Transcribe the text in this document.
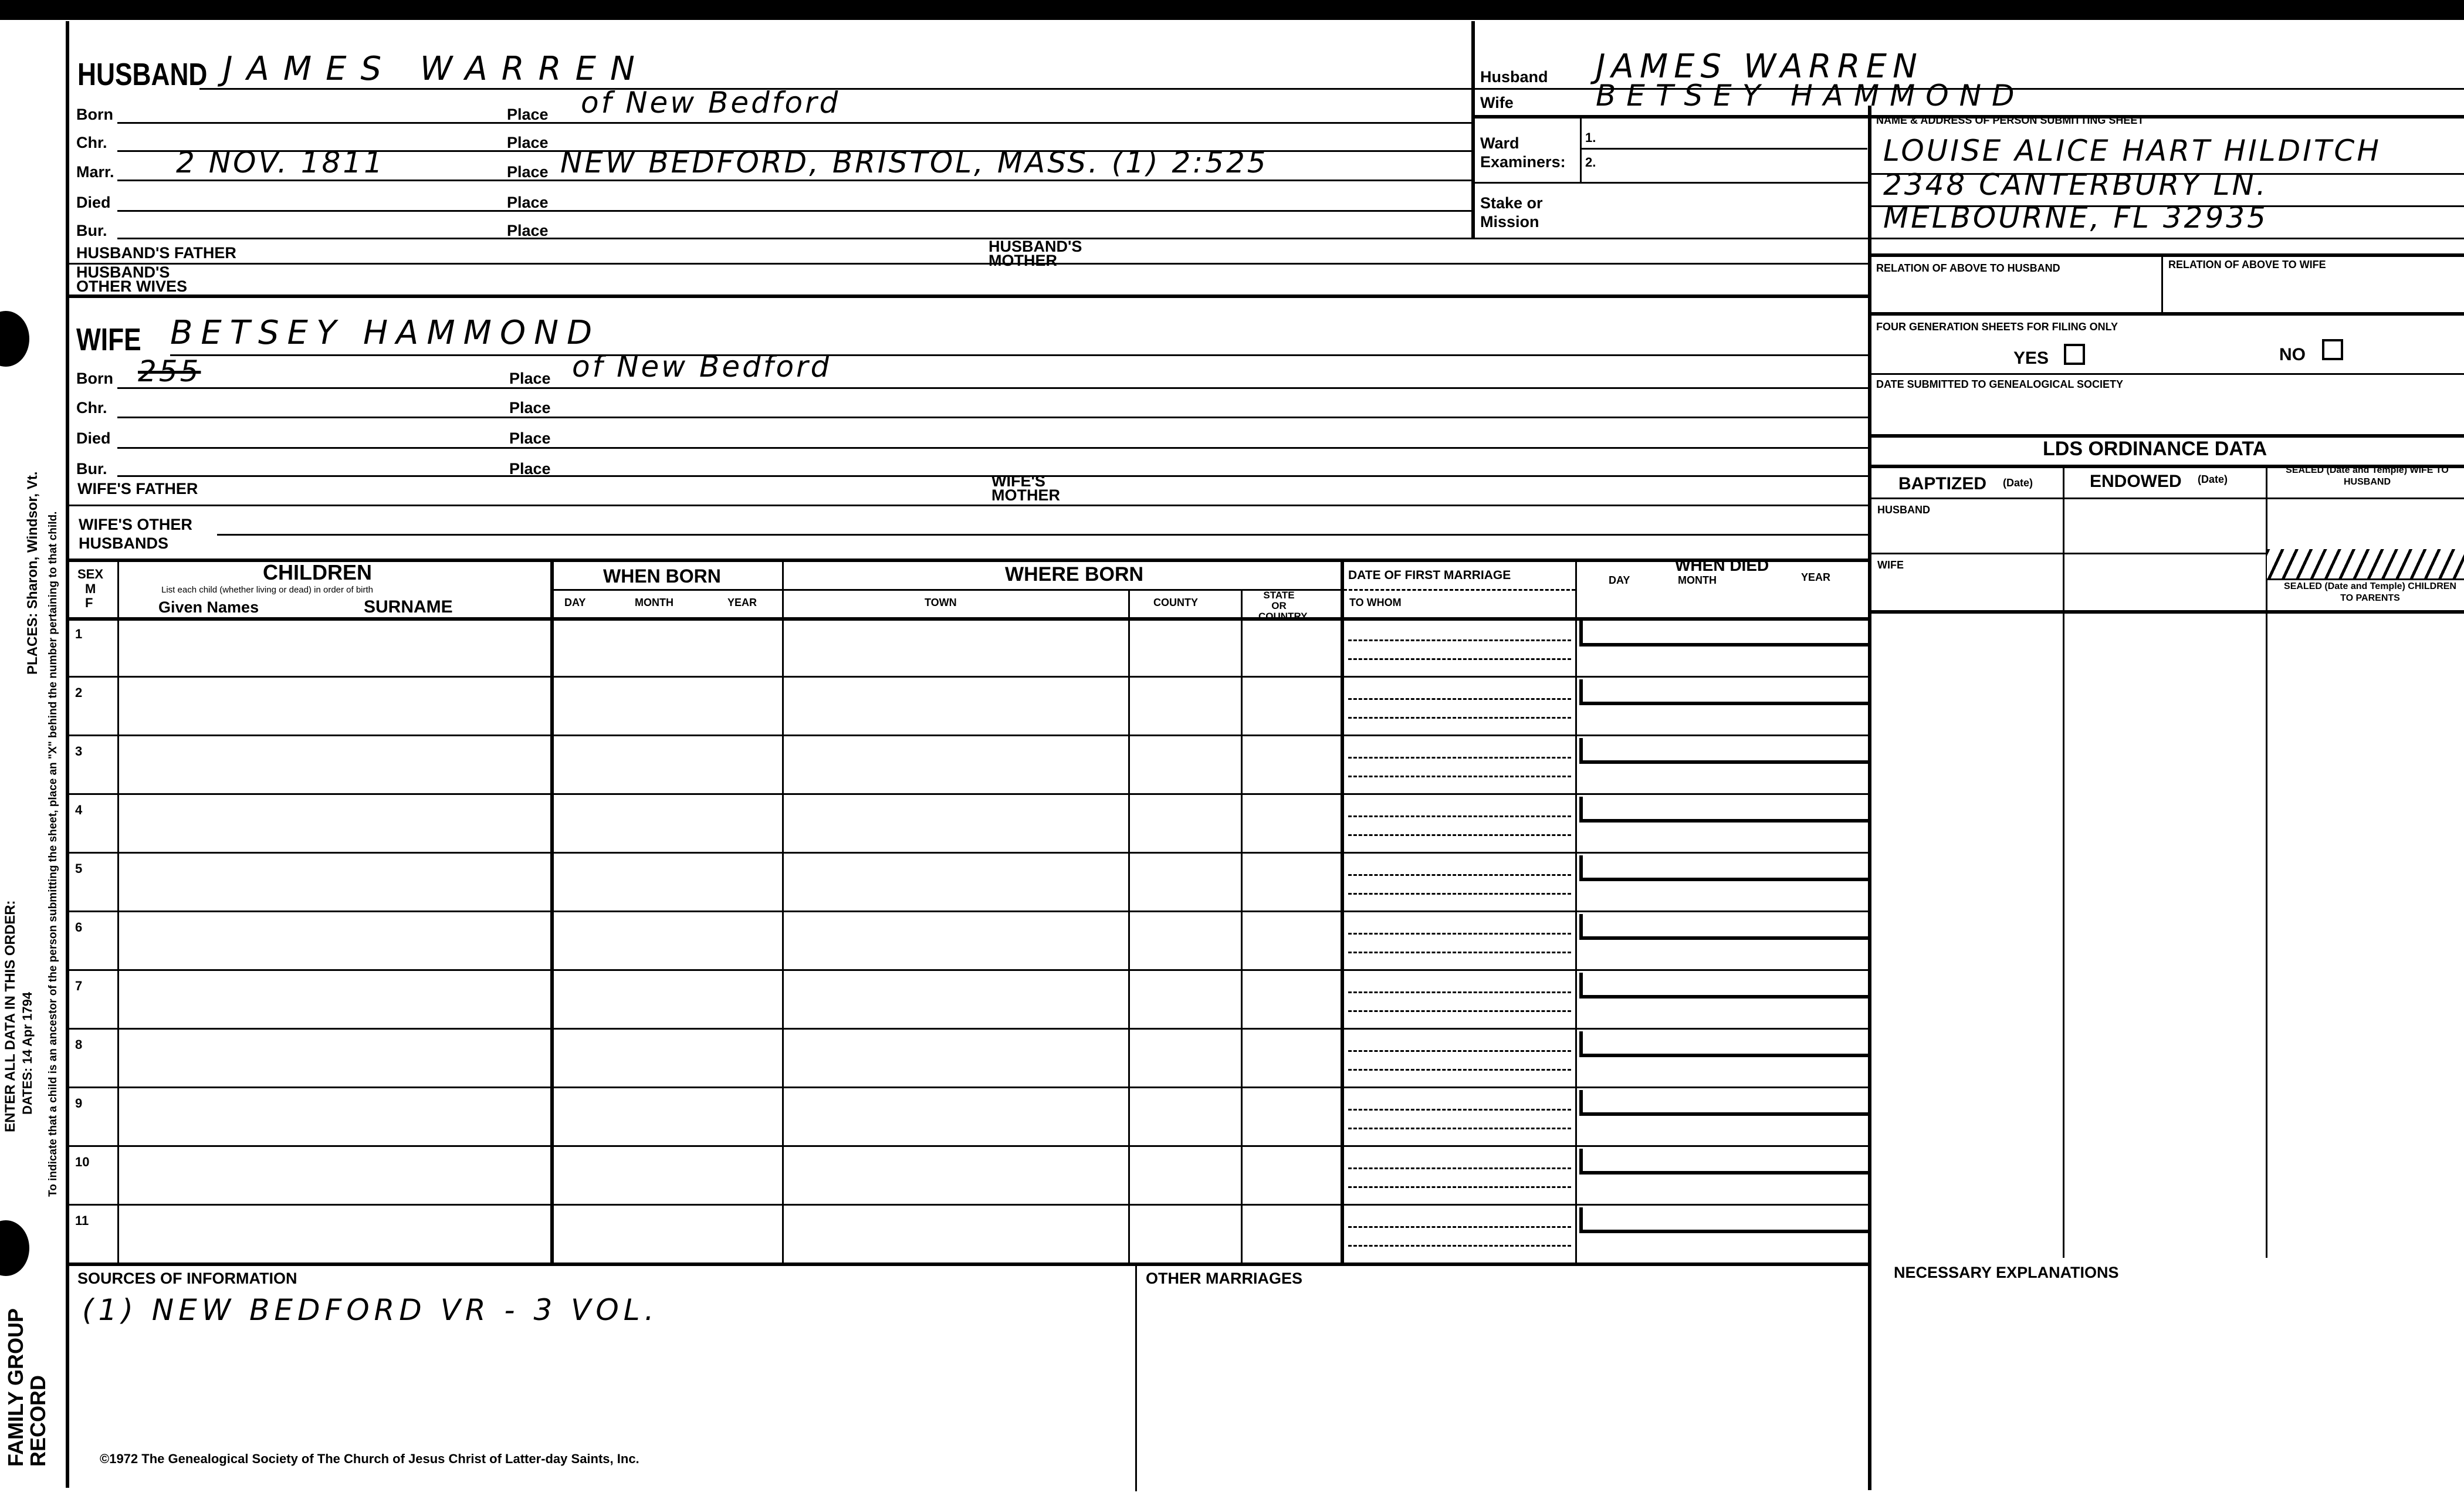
PLACES: Sharon, Windsor, Vt. To indicate that a child is an ancestor of the person submitting the sheet, place an "X" behind the number pertaining to that child.
ENTER ALL DATA IN THIS ORDER: DATES: 14 Apr 1794
FAMILY GROUP RECORD
HUSBAND JAMES WARREN
Born	Place of New Bedford
Chr.	Place
Marr. 2 NOV. 1811	Place NEW BEDFORD, BRISTOL, MASS. (1) 2:525
Died	Place
Bur.	Place
HUSBAND'S FATHER	HUSBAND'S MOTHER
HUSBAND'S OTHER WIVES
Husband JAMES WARREN
Wife	BETSEY HAMMOND
Ward Examiners:
1.
2.
Stake or Mission
NAME & ADDRESS OF PERSON SUBMITTING SHEET
LOUISE ALICE HART HILDITCH
2348 CANTERBURY LN.
MELBOURNE, FL 32935
RELATION OF ABOVE TO HUSBAND	RELATION OF ABOVE TO WIFE
FOUR GENERATION SHEETS FOR FILING ONLY
YES	NO
DATE SUBMITTED TO GENEALOGICAL SOCIETY
LDS ORDINANCE DATA
BAPTIZED (Date)	ENDOWED (Date)
SEALED (Date and Temple) WIFE TO HUSBAND
HUSBAND
WIFE
SEALED (Date and Temple) CHILDREN TO PARENTS
WIFE BETSEY HAMMOND
Born 255	Place of New Bedford
Chr.	Place
Died	Place
Bur.	Place
WIFE'S FATHER	WIFE'S MOTHER
WIFE'S OTHER HUSBANDS
SEX
M F
CHILDREN
List each child (whether living or dead) in order of birth
Given Names	SURNAME
WHEN BORN
DAY	MONTH	YEAR
WHERE BORN
TOWN	COUNTY
STATE OR COUNTRY
DATE OF FIRST MARRIAGE
TO WHOM
WHEN DIED
DAY	MONTH	YEAR
1
2
3
4
5
6
7
8
9
10
11
SOURCES OF INFORMATION
(1) NEW BEDFORD VR - 3 VOL.
OTHER MARRIAGES	NECESSARY EXPLANATIONS
©1972 The Genealogical Society of The Church of Jesus Christ of Latter-day Saints, Inc.
